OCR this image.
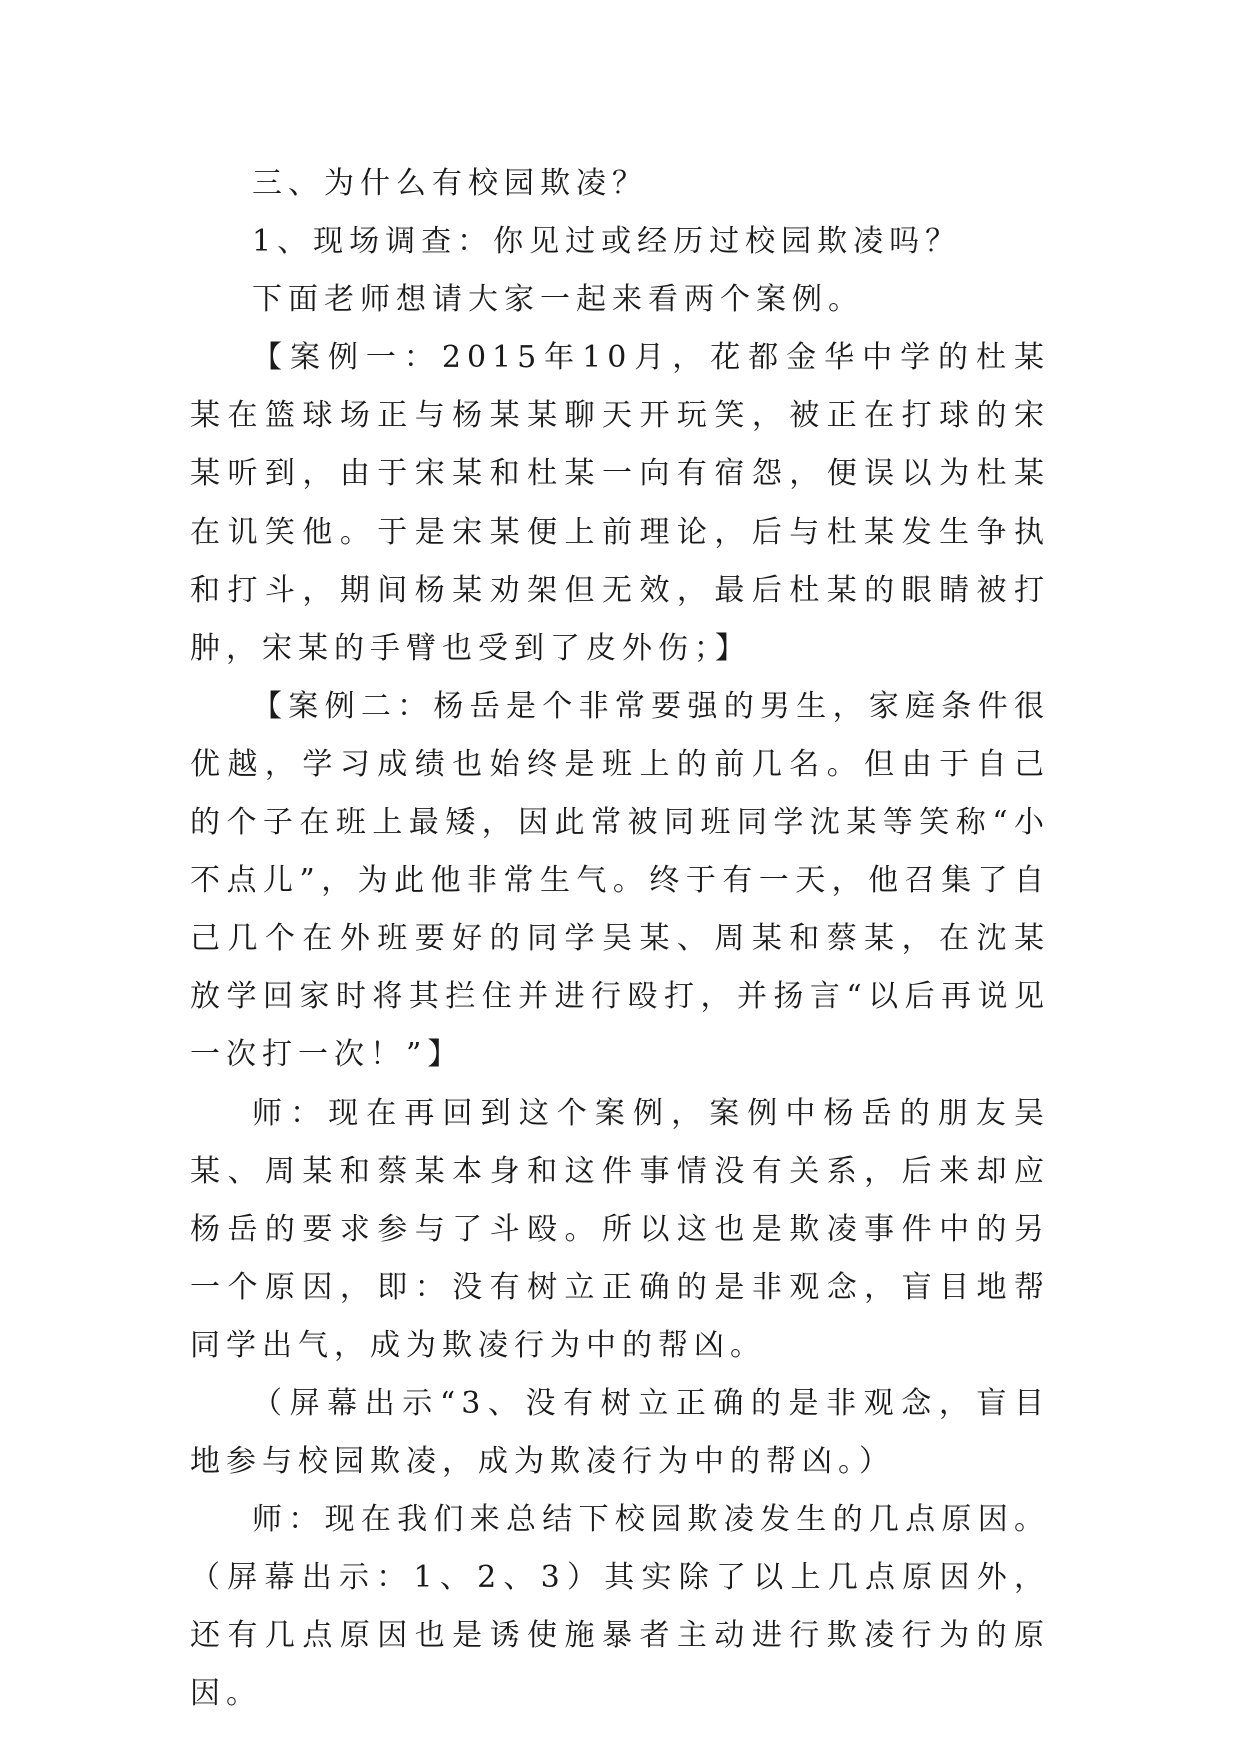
三、为什么有校园欺凌？

1、现场调查：你见过或经历过校园欺凌吗？

下面老师想请大家一起来看两个案例。

【案例一：2015年10月，花都金华中学的杜某某在篮球场正与杨某某聊天开玩笑，被正在打球的宋某听到，由于宋某和杜某一向有宿怨，便误以为杜某在讥笑他。于是宋某便上前理论，后与杜某发生争执和打斗，期间杨某劝架但无效，最后杜某的眼睛被打肿，宋某的手臂也受到了皮外伤；】

【案例二：杨岳是个非常要强的男生，家庭条件很优越，学习成绩也始终是班上的前几名。但由于自己的个子在班上最矮，因此常被同班同学沈某等笑称“小不点儿”，为此他非常生气。终于有一天，他召集了自己几个在外班要好的同学吴某、周某和蔡某，在沈某放学回家时将其拦住并进行殴打，并扬言“以后再说见一次打一次！”】

师：现在再回到这个案例，案例中杨岳的朋友吴某、周某和蔡某本身和这件事情没有关系，后来却应杨岳的要求参与了斗殴。所以这也是欺凌事件中的另一个原因，即：没有树立正确的是非观念，盲目地帮同学出气，成为欺凌行为中的帮凶。

（屏幕出示“3、没有树立正确的是非观念，盲目地参与校园欺凌，成为欺凌行为中的帮凶。）

师：现在我们来总结下校园欺凌发生的几点原因。（屏幕出示：1、2、3）其实除了以上几点原因外，还有几点原因也是诱使施暴者主动进行欺凌行为的原因。
